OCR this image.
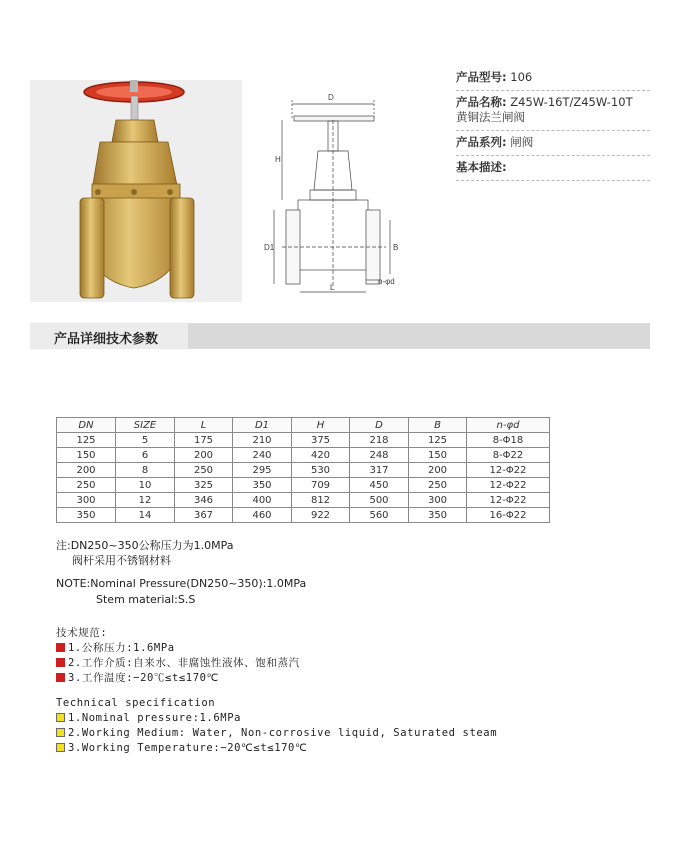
D
H
D1	B
L
n-φd
产品型号: 106
产品名称: Z45W-16T/Z45W-10T
黄铜法兰闸阀
产品系列: 闸阀
基本描述:
产品详细技术参数
DN	SIZE	L	D1	H	D	B	n-φd
125	5	175	210	375	218	125	8-Φ18
150	6	200	240	420	248	150	8-Φ22
200	8	250	295	530	317	200	12-Φ22
250	10	325	350	709	450	250	12-Φ22
300	12	346	400	812	500	300	12-Φ22
350	14	367	460	922	560	350	16-Φ22
注:DN250~350公称压力为1.0MPa
阀杆采用不锈钢材料
NOTE:Nominal Pressure(DN250~350):1.0MPa
Stem material:S.S
技术规范:
1.公称压力:1.6MPa
2.工作介质:自来水、非腐蚀性液体、饱和蒸汽
3.工作温度:−20℃≤t≤170℃
Technical specification
1.Nominal pressure:1.6MPa
2.Working Medium: Water, Non-corrosive liquid, Saturated steam
3.Working Temperature:−20℃≤t≤170℃
